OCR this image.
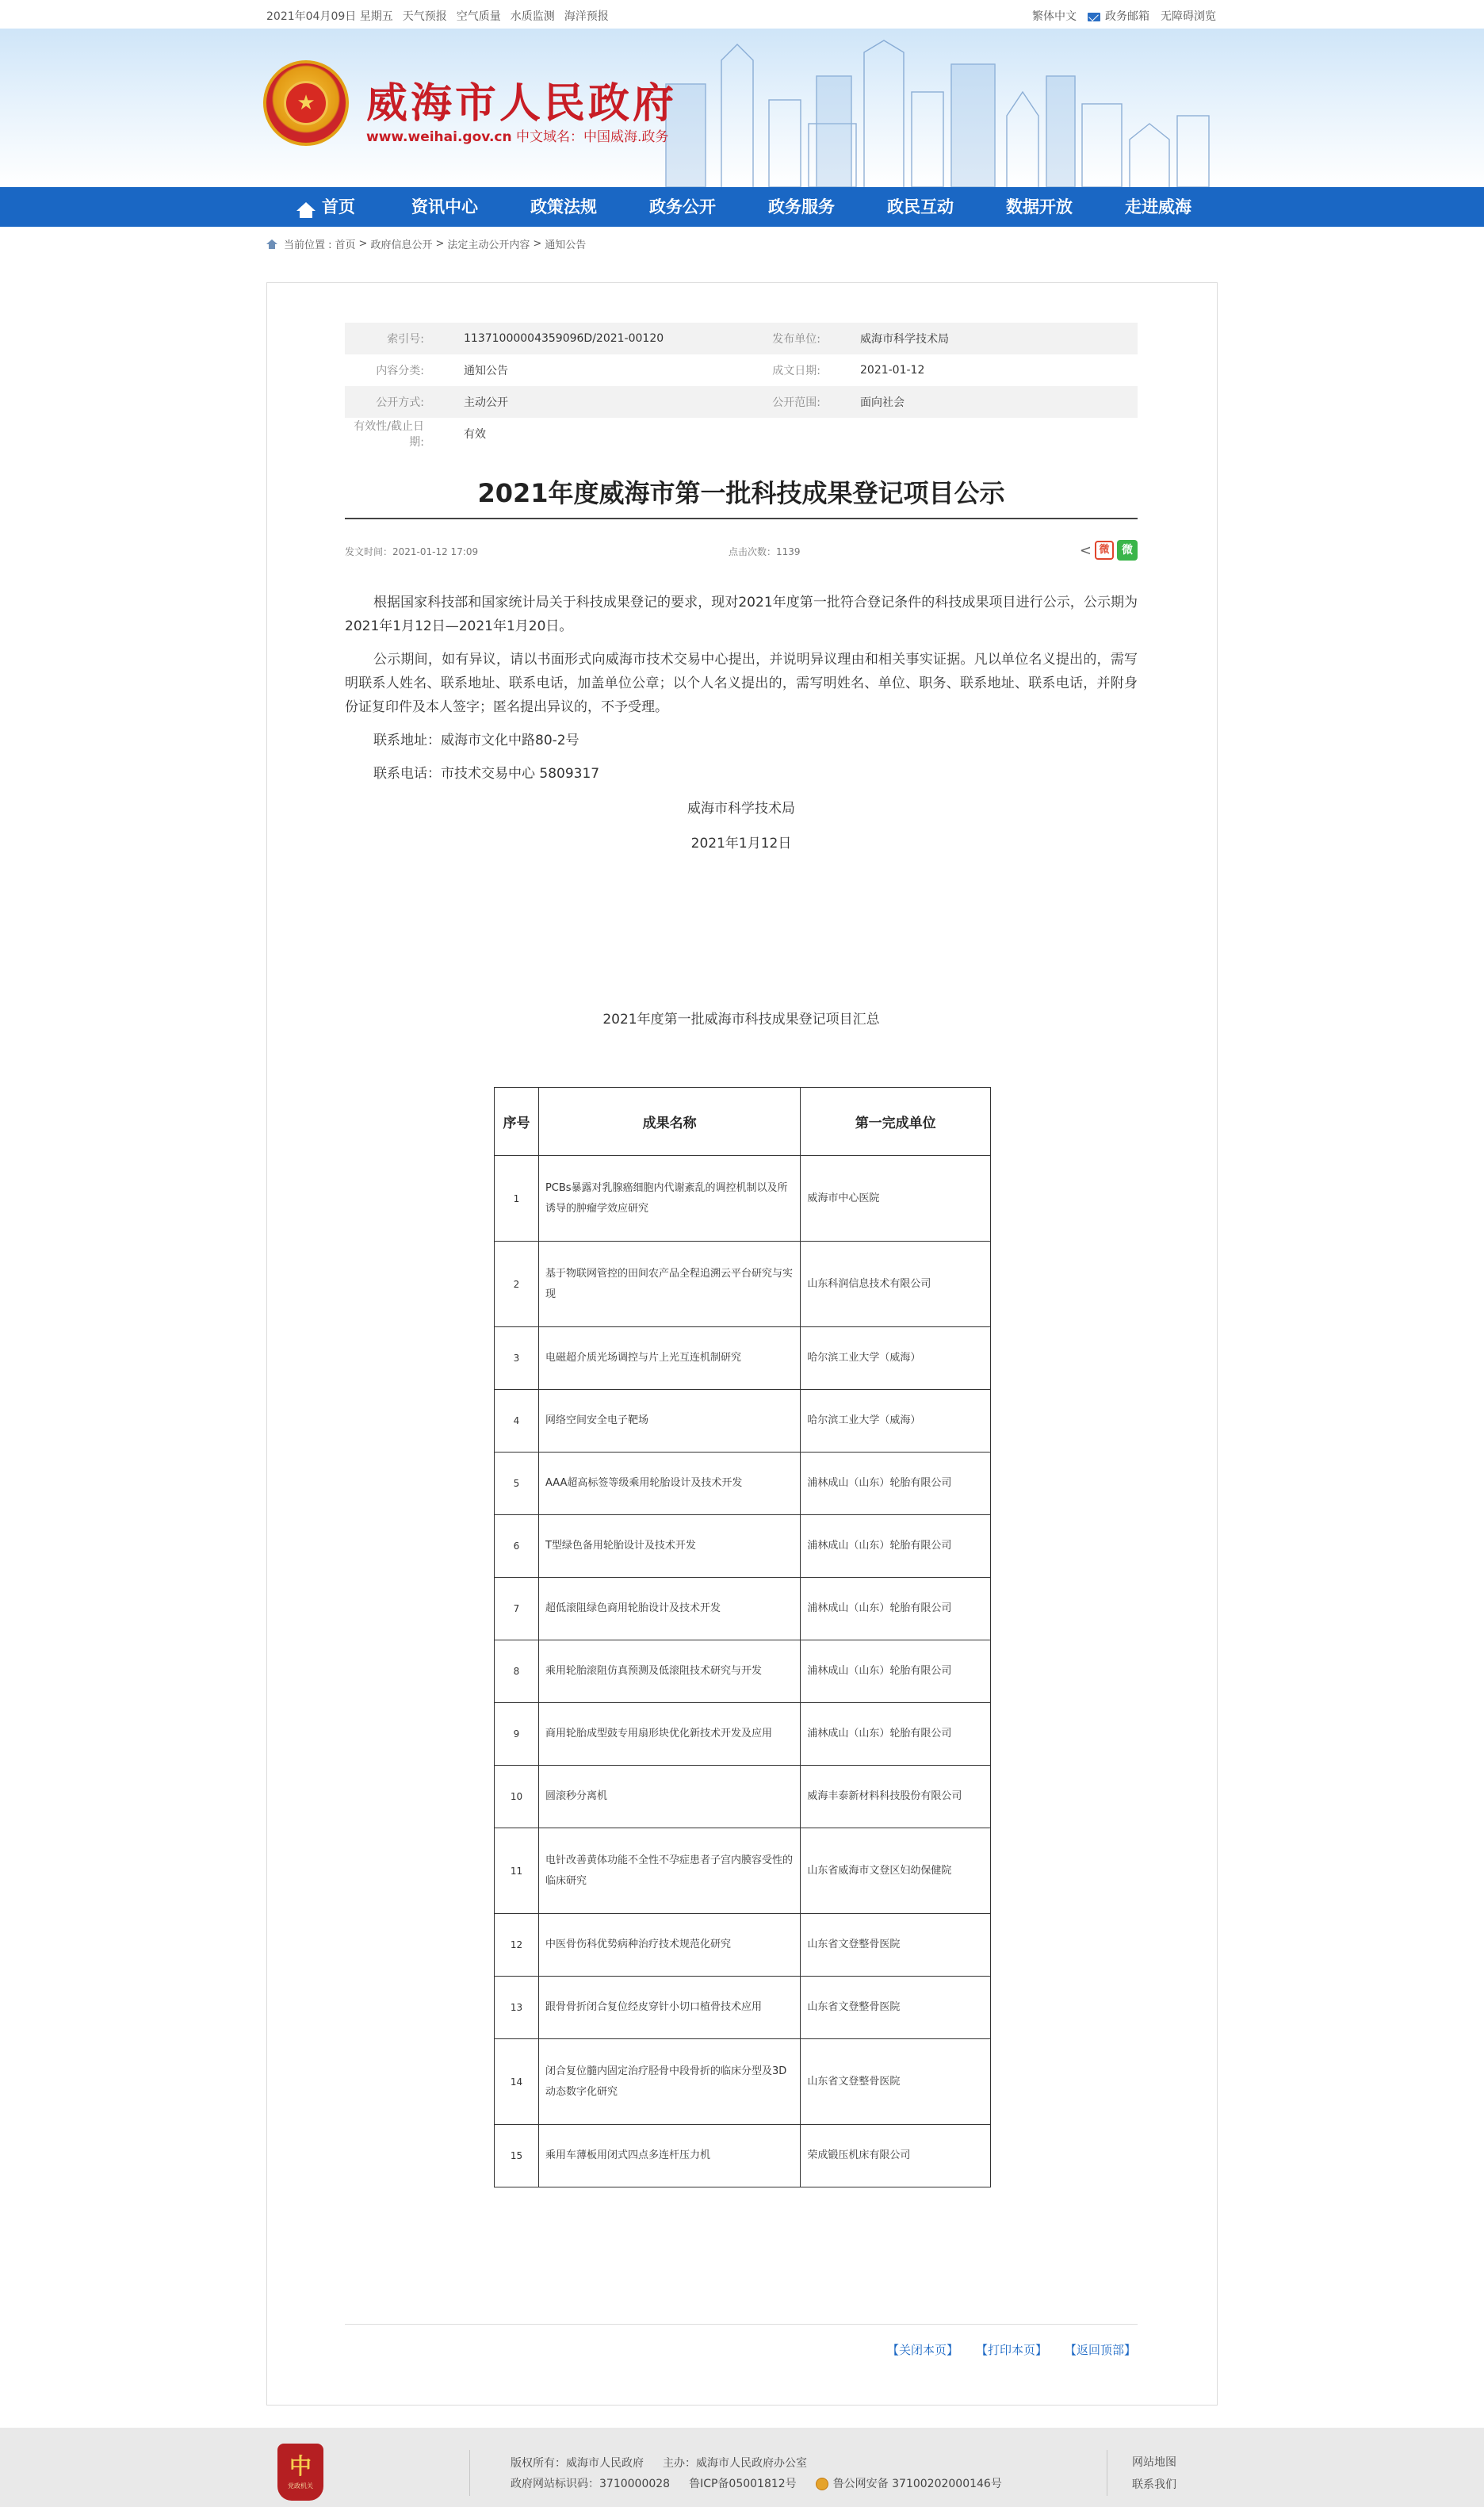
2021年04月09日 星期五 天气预报 空气质量 水质监测 海洋预报	繁体中文	政务邮箱 无障碍浏览
★	威海市人民政府
www.weihai.gov.cn 中文域名：中国威海.政务
首页	资讯中心	政策法规	政务公开	政务服务	政民互动	数据开放	走进威海
当前位置 : 首页 > 政府信息公开 > 法定主动公开内容 > 通知公告
索引号:	11371000004359096D/2021-00120	发布单位:	威海市科学技术局
内容分类:	通知公告	成文日期:	2021-01-12
公开方式:	主动公开	公开范围:	面向社会
有效性/截止日期:
有效
2021年度威海市第一批科技成果登记项目公示
发文时间：2021-01-12 17:09	点击次数：1139	< 微	微

根据国家科技部和国家统计局关于科技成果登记的要求，现对2021年度第一批符合登记条件的科技成果项目进行公示，公示期为2021年1月12日—2021年1月20日。

公示期间，如有异议，请以书面形式向威海市技术交易中心提出，并说明异议理由和相关事实证据。凡以单位名义提出的，需写明联系人姓名、联系地址、联系电话，加盖单位公章；以个人名义提出的，需写明姓名、单位、职务、联系地址、联系电话，并附身份证复印件及本人签字；匿名提出异议的，不予受理。

联系地址：威海市文化中路80-2号

联系电话：市技术交易中心 5809317

威海市科学技术局

2021年1月12日

2021年度第一批威海市科技成果登记项目汇总
序号	成果名称	第一完成单位
1	PCBs暴露对乳腺癌细胞内代谢紊乱的调控机制以及所诱导的肿瘤学效应研究	威海市中心医院
2	基于物联网管控的田间农产品全程追溯云平台研究与实现	山东科润信息技术有限公司
3	电磁超介质光场调控与片上光互连机制研究	哈尔滨工业大学（威海）
4	网络空间安全电子靶场	哈尔滨工业大学（威海）
5	AAA超高标签等级乘用轮胎设计及技术开发	浦林成山（山东）轮胎有限公司
6	T型绿色备用轮胎设计及技术开发	浦林成山（山东）轮胎有限公司
7	超低滚阻绿色商用轮胎设计及技术开发	浦林成山（山东）轮胎有限公司
8	乘用轮胎滚阻仿真预测及低滚阻技术研究与开发	浦林成山（山东）轮胎有限公司
9	商用轮胎成型鼓专用扇形块优化新技术开发及应用	浦林成山（山东）轮胎有限公司
10	圆滚秒分离机	威海丰泰新材料科技股份有限公司
11	电针改善黄体功能不全性不孕症患者子宫内膜容受性的临床研究	山东省威海市文登区妇幼保健院
12	中医骨伤科优势病种治疗技术规范化研究	山东省文登整骨医院
13	跟骨骨折闭合复位经皮穿针小切口植骨技术应用	山东省文登整骨医院
14	闭合复位髓内固定治疗胫骨中段骨折的临床分型及3D动态数字化研究	山东省文登整骨医院
15	乘用车薄板用闭式四点多连杆压力机	荣成锻压机床有限公司
【关闭本页】 【打印本页】 【返回顶部】
中
党政机关
版权所有：威海市人民政府 主办：威海市人民政府办公室
政府网站标识码：3710000028 鲁ICP备05001812号	鲁公网安备 37100202000146号
网站地图
联系我们
